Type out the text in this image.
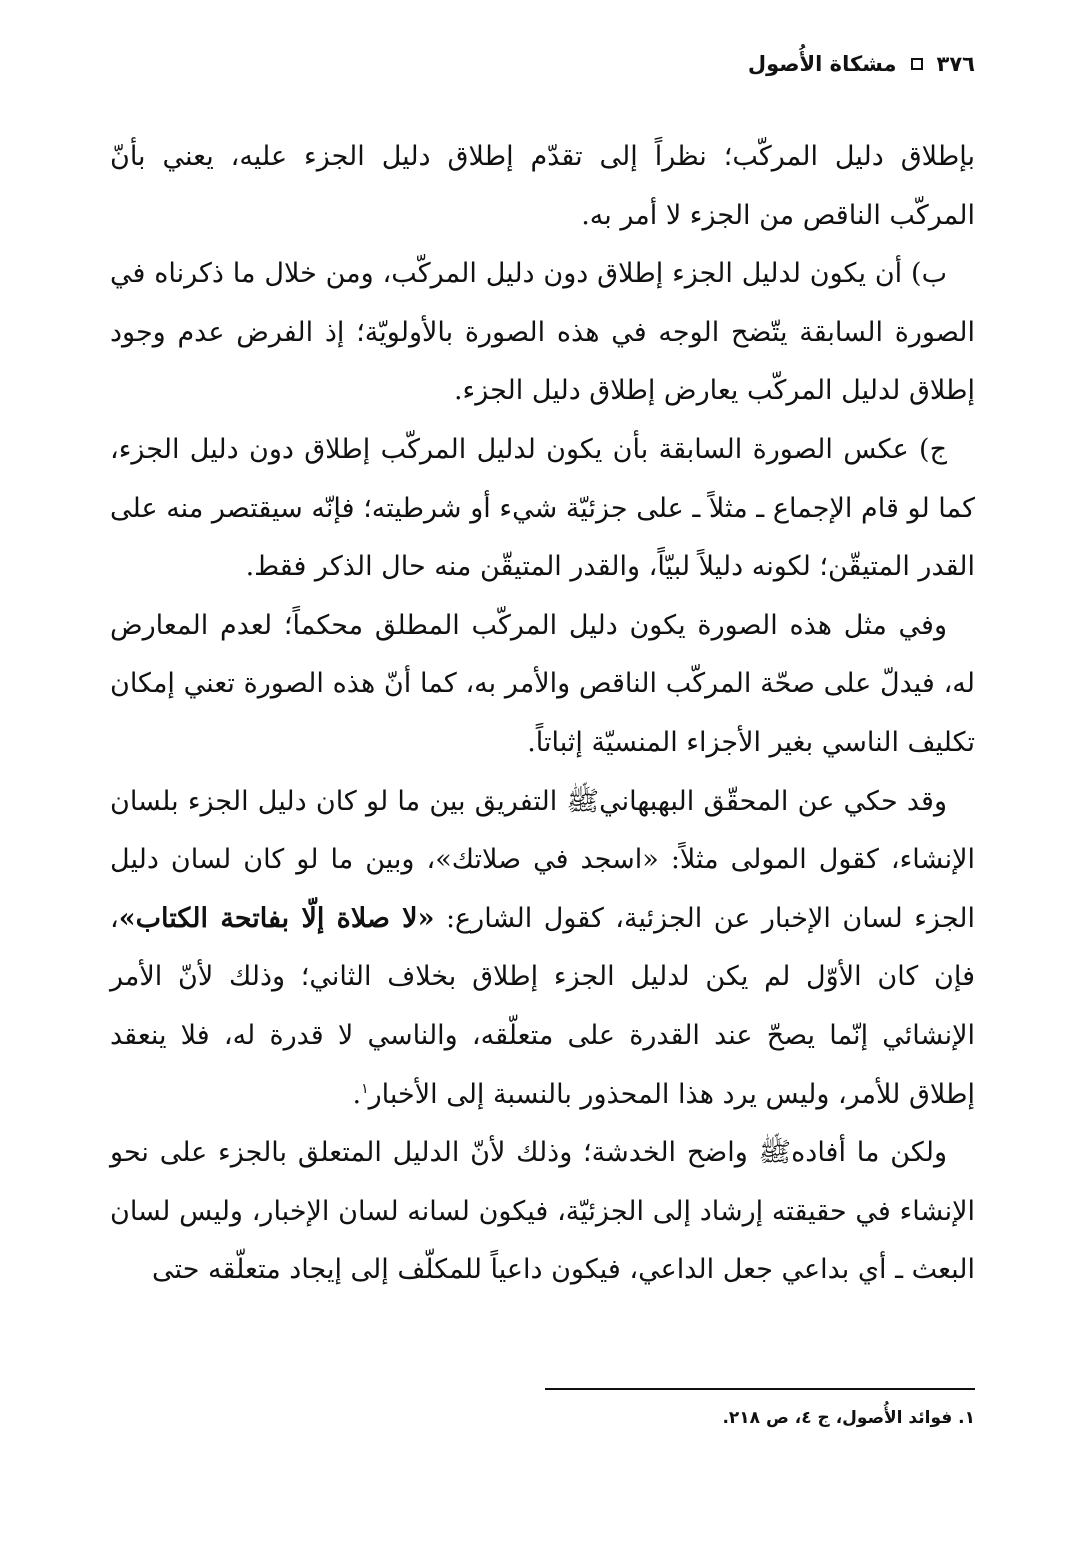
٣٧٦
مشكاة الأُصول

بإطلاق دليل المركّب؛ نظراً إلى تقدّم إطلاق دليل الجزء عليه، يعني بأنّ المركّب الناقص من الجزء لا أمر به.

ب) أن يكون لدليل الجزء إطلاق دون دليل المركّب، ومن خلال ما ذكرناه في الصورة السابقة يتّضح الوجه في هذه الصورة بالأولويّة؛ إذ الفرض عدم وجود إطلاق لدليل المركّب يعارض إطلاق دليل الجزء.

ج) عكس الصورة السابقة بأن يكون لدليل المركّب إطلاق دون دليل الجزء، كما لو قام الإجماع ـ مثلاً ـ على جزئيّة شيء أو شرطيته؛ فإنّه سيقتصر منه على القدر المتيقّن؛ لكونه دليلاً لبيّاً، والقدر المتيقّن منه حال الذكر فقط.

وفي مثل هذه الصورة يكون دليل المركّب المطلق محكماً؛ لعدم المعارض له، فيدلّ على صحّة المركّب الناقص والأمر به، كما أنّ هذه الصورة تعني إمكان تكليف الناسي بغير الأجزاء المنسيّة إثباتاً.

وقد حكي عن المحقّق البهبهانيﷺ التفريق بين ما لو كان دليل الجزء بلسان الإنشاء، كقول المولى مثلاً: «اسجد في صلاتك»، وبين ما لو كان لسان دليل الجزء لسان الإخبار عن الجزئية، كقول الشارع: «لا صلاة إلّا بفاتحة الكتاب»، فإن كان الأوّل لم يكن لدليل الجزء إطلاق بخلاف الثاني؛ وذلك لأنّ الأمر الإنشائي إنّما يصحّ عند القدرة على متعلّقه، والناسي لا قدرة له، فلا ينعقد إطلاق للأمر، وليس يرد هذا المحذور بالنسبة إلى الأخبار$^١$.

ولكن ما أفادهﷺ واضح الخدشة؛ وذلك لأنّ الدليل المتعلق بالجزء على نحو الإنشاء في حقيقته إرشاد إلى الجزئيّة، فيكون لسانه لسان الإخبار، وليس لسان البعث ـ أي بداعي جعل الداعي، فيكون داعياً للمكلّف إلى إيجاد متعلّقه حتى

١. فوائد الأُصول، ج ٤، ص ٢١٨.
